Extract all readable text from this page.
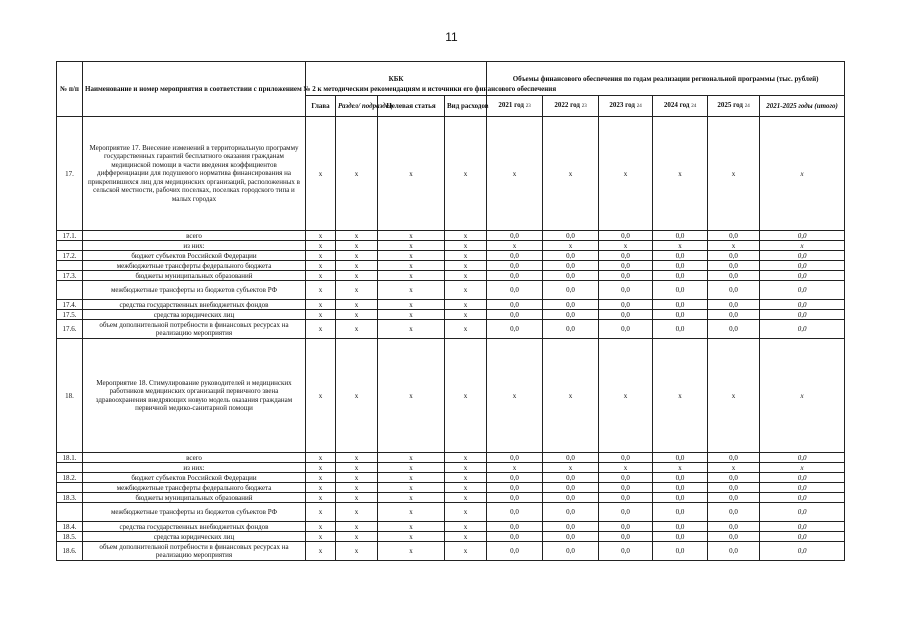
11
№ п/п	Наименование и номер мероприятия в соответствии с приложением № 2 к методическим рекомендациям и источники его финансового обеспечения	КБК				Объемы финансового обеспечения по годам реализации региональной программы (тыс. рублей)					
		Глава	Раздел/ подраздел	Целевая статья	Вид расходов	2021 год 23	2022 год 23	2023 год 24	2024 год 24	2025 год 24	2021-2025 годы (итого)
17.	Мероприятие 17. Внесение изменений в территориальную программу государственных гарантий бесплатного оказания гражданам медицинской помощи в части введения коэффициентов дифференциации для подушевого норматива финансирования на прикрепившихся лиц для медицинских организаций, расположенных в сельской местности, рабочих поселках, поселках городского типа и малых городах	x	x	x	x	x	x	x	x	x	x
17.1.	всего	x	x	x	x	0,0	0,0	0,0	0,0	0,0	0,0
	из них:	x	x	x	x	x	x	x	x	x	x
17.2.	бюджет субъектов Российской Федерации	x	x	x	x	0,0	0,0	0,0	0,0	0,0	0,0
	межбюджетные трансферты федерального бюджета	x	x	x	x	0,0	0,0	0,0	0,0	0,0	0,0
17.3.	бюджеты муниципальных образований	x	x	x	x	0,0	0,0	0,0	0,0	0,0	0,0
	межбюджетные трансферты из бюджетов субъектов РФ	x	x	x	x	0,0	0,0	0,0	0,0	0,0	0,0
17.4.	средства государственных внебюджетных фондов	x	x	x	x	0,0	0,0	0,0	0,0	0,0	0,0
17.5.	средства юридических лиц	x	x	x	x	0,0	0,0	0,0	0,0	0,0	0,0
17.6.	объем дополнительной потребности в финансовых ресурсах на реализацию мероприятия	x	x	x	x	0,0	0,0	0,0	0,0	0,0	0,0
18.	Мероприятие 18. Стимулирование руководителей и медицинских работников медицинских организаций первичного звена здравоохранения внедряющих новую модель оказания гражданам первичной медико-санитарной помощи	x	x	x	x	x	x	x	x	x	x
18.1.	всего	x	x	x	x	0,0	0,0	0,0	0,0	0,0	0,0
	из них:	x	x	x	x	x	x	x	x	x	x
18.2.	бюджет субъектов Российской Федерации	x	x	x	x	0,0	0,0	0,0	0,0	0,0	0,0
	межбюджетные трансферты федерального бюджета	x	x	x	x	0,0	0,0	0,0	0,0	0,0	0,0
18.3.	бюджеты муниципальных образований	x	x	x	x	0,0	0,0	0,0	0,0	0,0	0,0
	межбюджетные трансферты из бюджетов субъектов РФ	x	x	x	x	0,0	0,0	0,0	0,0	0,0	0,0
18.4.	средства государственных внебюджетных фондов	x	x	x	x	0,0	0,0	0,0	0,0	0,0	0,0
18.5.	средства юридических лиц	x	x	x	x	0,0	0,0	0,0	0,0	0,0	0,0
18.6.	объем дополнительной потребности в финансовых ресурсах на реализацию мероприятия	x	x	x	x	0,0	0,0	0,0	0,0	0,0	0,0
